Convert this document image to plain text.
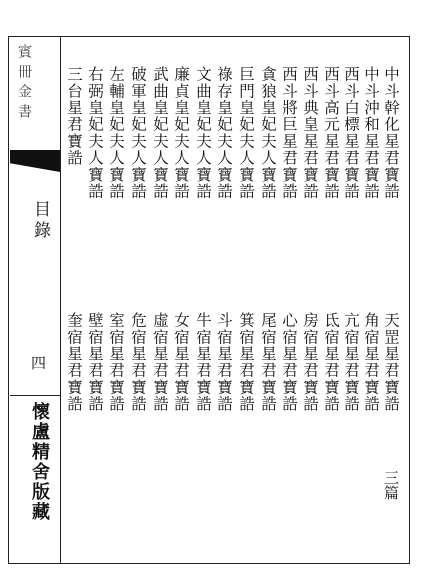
賓冊金書
目錄
四
懷盧精舍版藏
中斗幹化星君寶誥
中斗沖和星君寶誥
西斗白標星君寶誥
西斗高元星君寶誥
西斗典皇星君寶誥
西斗將巨星君寶誥
貪狼皇妃夫人寶誥
巨門皇妃夫人寶誥
祿存皇妃夫人寶誥
文曲皇妃夫人寶誥
廉貞皇妃夫人寶誥
武曲皇妃夫人寶誥
破軍皇妃夫人寶誥
左輔皇妃夫人寶誥
右弼皇妃夫人寶誥
三台星君寶誥
天罡星君寶誥
角宿星君寶誥
亢宿星君寶誥
氐宿星君寶誥
房宿星君寶誥
心宿星君寶誥
尾宿星君寶誥
箕宿星君寶誥
斗宿星君寶誥
牛宿星君寶誥
女宿星君寶誥
虛宿星君寶誥
危宿星君寶誥
室宿星君寶誥
壁宿星君寶誥
奎宿星君寶誥
三篇
